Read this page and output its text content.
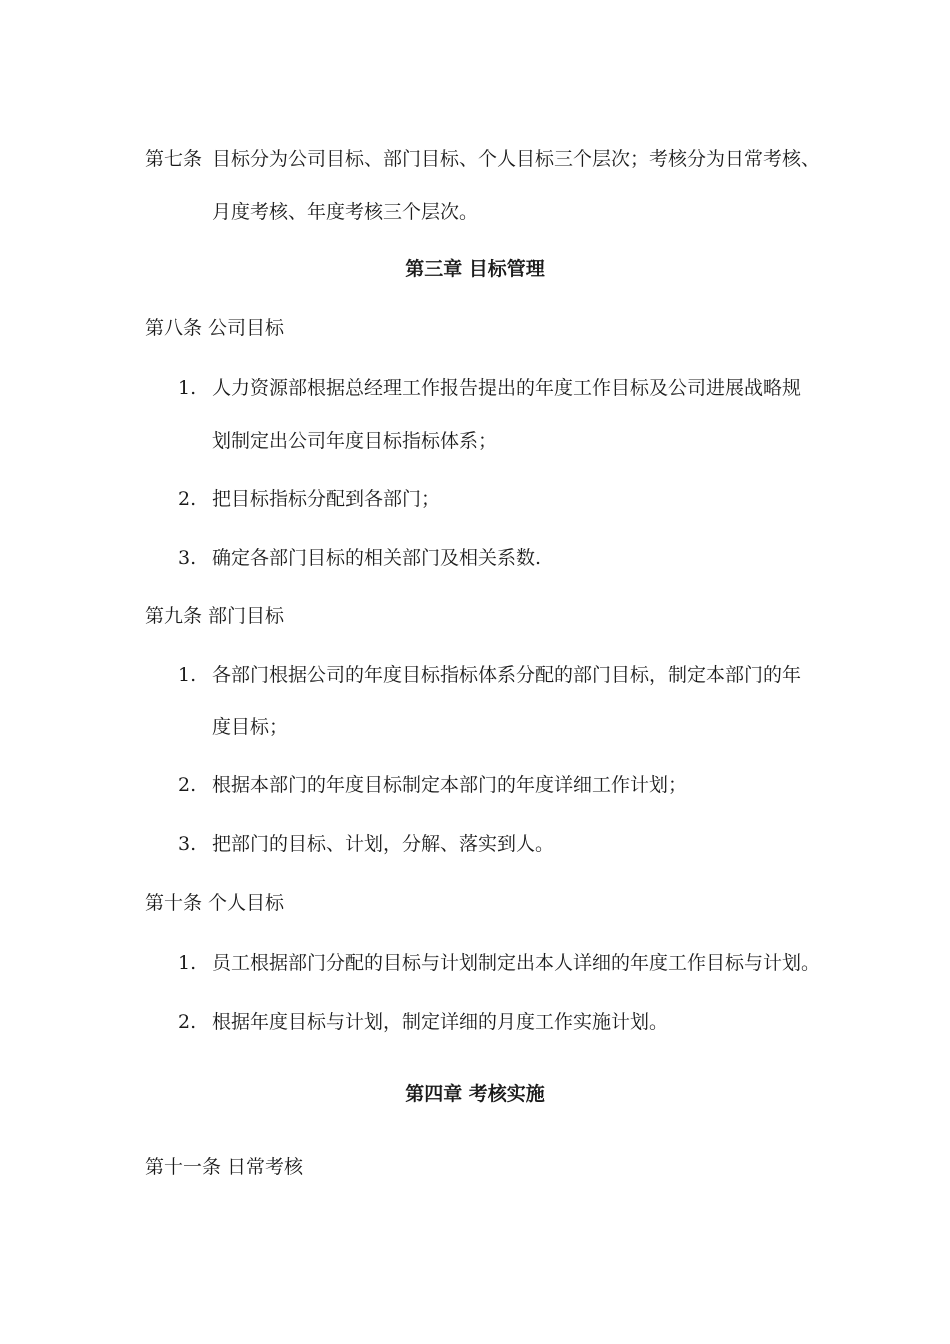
第七条 目标分为公司目标、部门目标、个人目标三个层次；考核分为日常考核、
月度考核、年度考核三个层次。
第三章 目标管理
第八条 公司目标
1. 人力资源部根据总经理工作报告提出的年度工作目标及公司进展战略规
划制定出公司年度目标指标体系；
2. 把目标指标分配到各部门；
3. 确定各部门目标的相关部门及相关系数.
第九条 部门目标
1. 各部门根据公司的年度目标指标体系分配的部门目标，制定本部门的年
度目标；
2. 根据本部门的年度目标制定本部门的年度详细工作计划；
3. 把部门的目标、计划，分解、落实到人。
第十条 个人目标
1. 员工根据部门分配的目标与计划制定出本人详细的年度工作目标与计划。
2. 根据年度目标与计划，制定详细的月度工作实施计划。
第四章 考核实施
第十一条 日常考核
